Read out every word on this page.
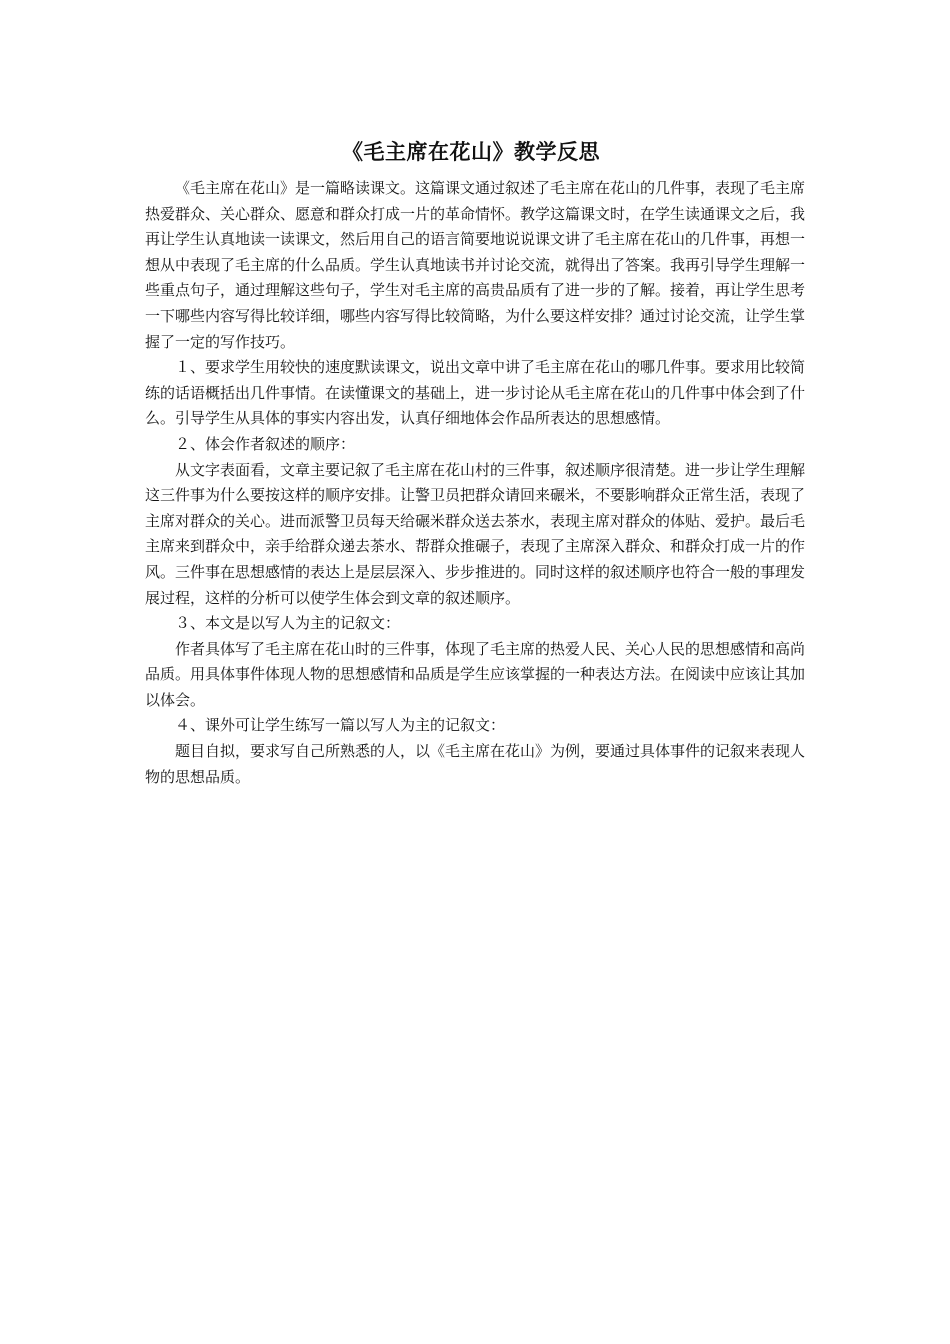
《毛主席在花山》教学反思

《毛主席在花山》是一篇略读课文。这篇课文通过叙述了毛主席在花山的几件事，表现了毛主席热爱群众、关心群众、愿意和群众打成一片的革命情怀。教学这篇课文时，在学生读通课文之后，我再让学生认真地读一读课文，然后用自己的语言简要地说说课文讲了毛主席在花山的几件事，再想一想从中表现了毛主席的什么品质。学生认真地读书并讨论交流，就得出了答案。我再引导学生理解一些重点句子，通过理解这些句子，学生对毛主席的高贵品质有了进一步的了解。接着，再让学生思考一下哪些内容写得比较详细，哪些内容写得比较简略，为什么要这样安排？通过讨论交流，让学生掌握了一定的写作技巧。

１、要求学生用较快的速度默读课文，说出文章中讲了毛主席在花山的哪几件事。要求用比较简练的话语概括出几件事情。在读懂课文的基础上，进一步讨论从毛主席在花山的几件事中体会到了什么。引导学生从具体的事实内容出发，认真仔细地体会作品所表达的思想感情。

２、体会作者叙述的顺序：

从文字表面看，文章主要记叙了毛主席在花山村的三件事，叙述顺序很清楚。进一步让学生理解这三件事为什么要按这样的顺序安排。让警卫员把群众请回来碾米，不要影响群众正常生活，表现了主席对群众的关心。进而派警卫员每天给碾米群众送去茶水，表现主席对群众的体贴、爱护。最后毛主席来到群众中，亲手给群众递去茶水、帮群众推碾子，表现了主席深入群众、和群众打成一片的作风。三件事在思想感情的表达上是层层深入、步步推进的。同时这样的叙述顺序也符合一般的事理发展过程，这样的分析可以使学生体会到文章的叙述顺序。

３、本文是以写人为主的记叙文：

作者具体写了毛主席在花山时的三件事，体现了毛主席的热爱人民、关心人民的思想感情和高尚品质。用具体事件体现人物的思想感情和品质是学生应该掌握的一种表达方法。在阅读中应该让其加以体会。

４、课外可让学生练写一篇以写人为主的记叙文：

题目自拟，要求写自己所熟悉的人，以《毛主席在花山》为例，要通过具体事件的记叙来表现人物的思想品质。
